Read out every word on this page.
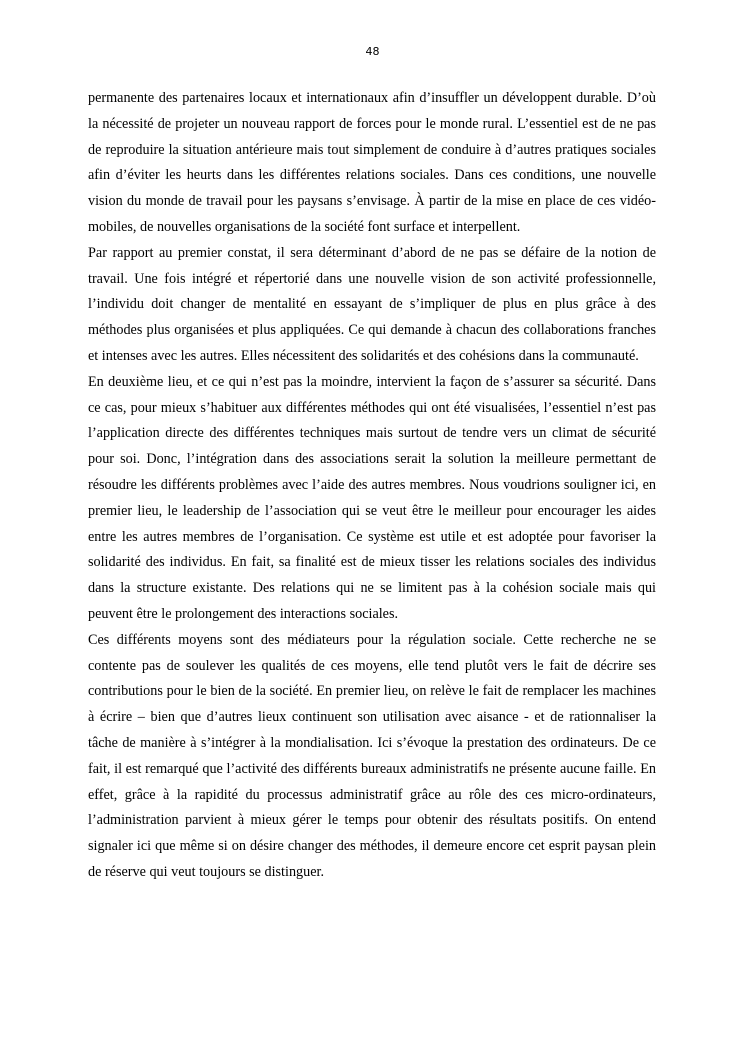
48

permanente des partenaires locaux et internationaux afin d’insuffler un développent durable. D’où la nécessité de projeter un nouveau rapport de forces pour le monde rural. L’essentiel est de ne pas de reproduire la situation antérieure mais tout simplement de conduire à d’autres pratiques sociales afin d’éviter les heurts dans les différentes relations sociales. Dans ces conditions, une nouvelle vision du monde de travail pour les paysans s’envisage. À partir de la mise en place de ces vidéo-mobiles, de nouvelles organisations de la société font surface et interpellent.

Par rapport au premier constat, il sera déterminant d’abord de ne pas se défaire de la notion de travail. Une fois intégré et répertorié dans une nouvelle vision de son activité professionnelle, l’individu doit changer de mentalité en essayant de s’impliquer de plus en plus grâce à des méthodes plus organisées et plus appliquées. Ce qui demande à chacun des collaborations franches et intenses avec les autres. Elles nécessitent des solidarités et des cohésions dans la communauté.

En deuxième lieu, et ce qui n’est pas la moindre, intervient la façon de s’assurer sa sécurité. Dans ce cas, pour mieux s’habituer aux différentes méthodes qui ont été visualisées, l’essentiel n’est pas l’application directe des différentes techniques mais surtout de tendre vers un climat de sécurité pour soi. Donc, l’intégration dans des associations serait la solution la meilleure permettant de résoudre les différents problèmes avec l’aide des autres membres. Nous voudrions souligner ici, en premier lieu, le leadership de l’association qui se veut être le meilleur pour encourager les aides entre les autres membres de l’organisation. Ce système est utile et est adoptée pour favoriser la solidarité des individus. En fait, sa finalité est de mieux tisser les relations sociales des individus dans la structure existante. Des relations qui ne se limitent pas à la cohésion sociale mais qui peuvent être le prolongement des interactions sociales.

Ces différents moyens sont des médiateurs pour la régulation sociale. Cette recherche ne se contente pas de soulever les qualités de ces moyens, elle tend plutôt vers le fait de décrire ses contributions pour le bien de la société. En premier lieu, on relève le fait de remplacer les machines à écrire – bien que d’autres lieux continuent son utilisation avec aisance - et de rationnaliser la tâche de manière à s’intégrer à la mondialisation. Ici s’évoque la prestation des ordinateurs. De ce fait, il est remarqué que l’activité des différents bureaux administratifs ne présente aucune faille. En effet, grâce à la rapidité du processus administratif grâce au rôle des ces micro-ordinateurs, l’administration parvient à mieux gérer le temps pour obtenir des résultats positifs. On entend signaler ici que même si on désire changer des méthodes, il demeure encore cet esprit paysan plein de réserve qui veut toujours se distinguer.
